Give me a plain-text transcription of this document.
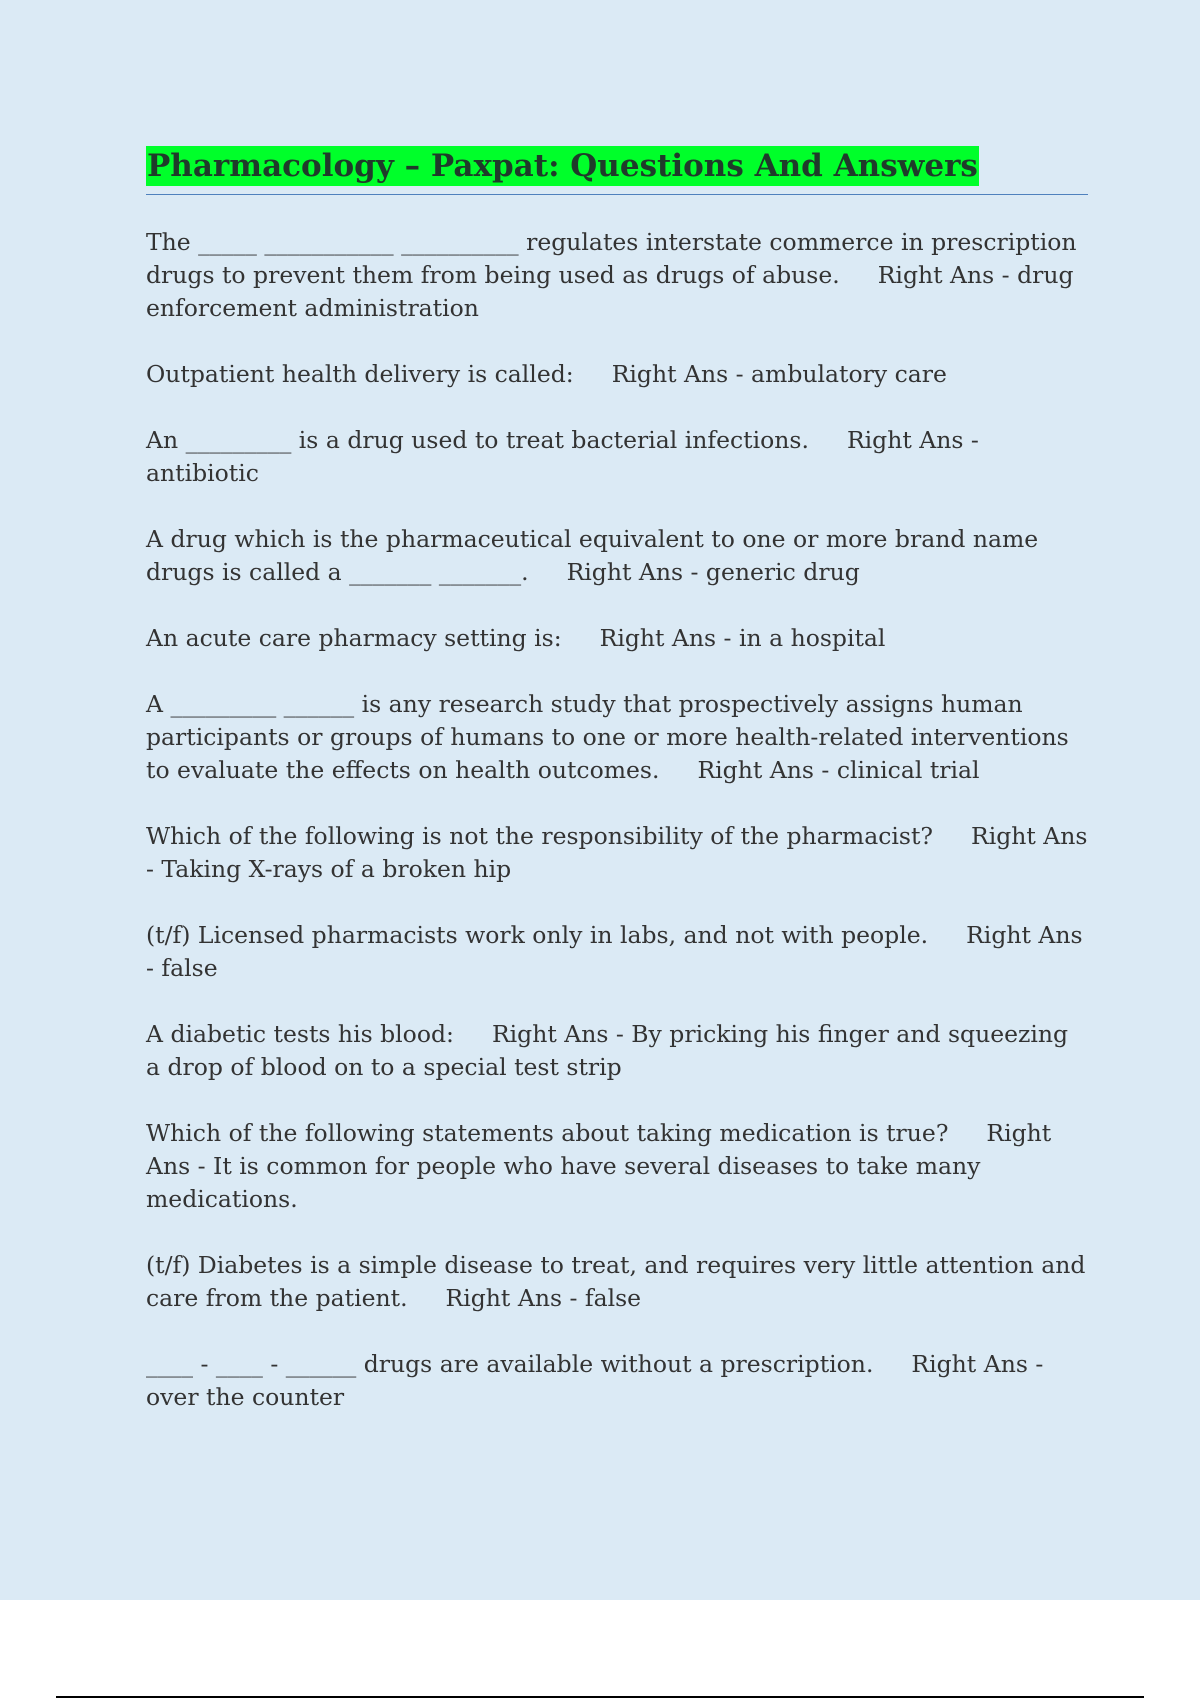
Pharmacology – Paxpat: Questions And Answers

The _____ ___________ __________ regulates interstate commerce in prescription drugs to prevent them from being used as drugs of abuse. Right Ans - drug enforcement administration

Outpatient health delivery is called: Right Ans - ambulatory care

An _________ is a drug used to treat bacterial infections. Right Ans - antibiotic

A drug which is the pharmaceutical equivalent to one or more brand name drugs is called a _______ _______. Right Ans - generic drug

An acute care pharmacy setting is: Right Ans - in a hospital

A _________ ______ is any research study that prospectively assigns human participants or groups of humans to one or more health-related interventions to evaluate the effects on health outcomes. Right Ans - clinical trial

Which of the following is not the responsibility of the pharmacist? Right Ans - Taking X-rays of a broken hip

(t/f) Licensed pharmacists work only in labs, and not with people. Right Ans - false

A diabetic tests his blood: Right Ans - By pricking his finger and squeezing a drop of blood on to a special test strip

Which of the following statements about taking medication is true? Right Ans - It is common for people who have several diseases to take many medications.

(t/f) Diabetes is a simple disease to treat, and requires very little attention and care from the patient. Right Ans - false

____ - ____ - ______ drugs are available without a prescription. Right Ans - over the counter
